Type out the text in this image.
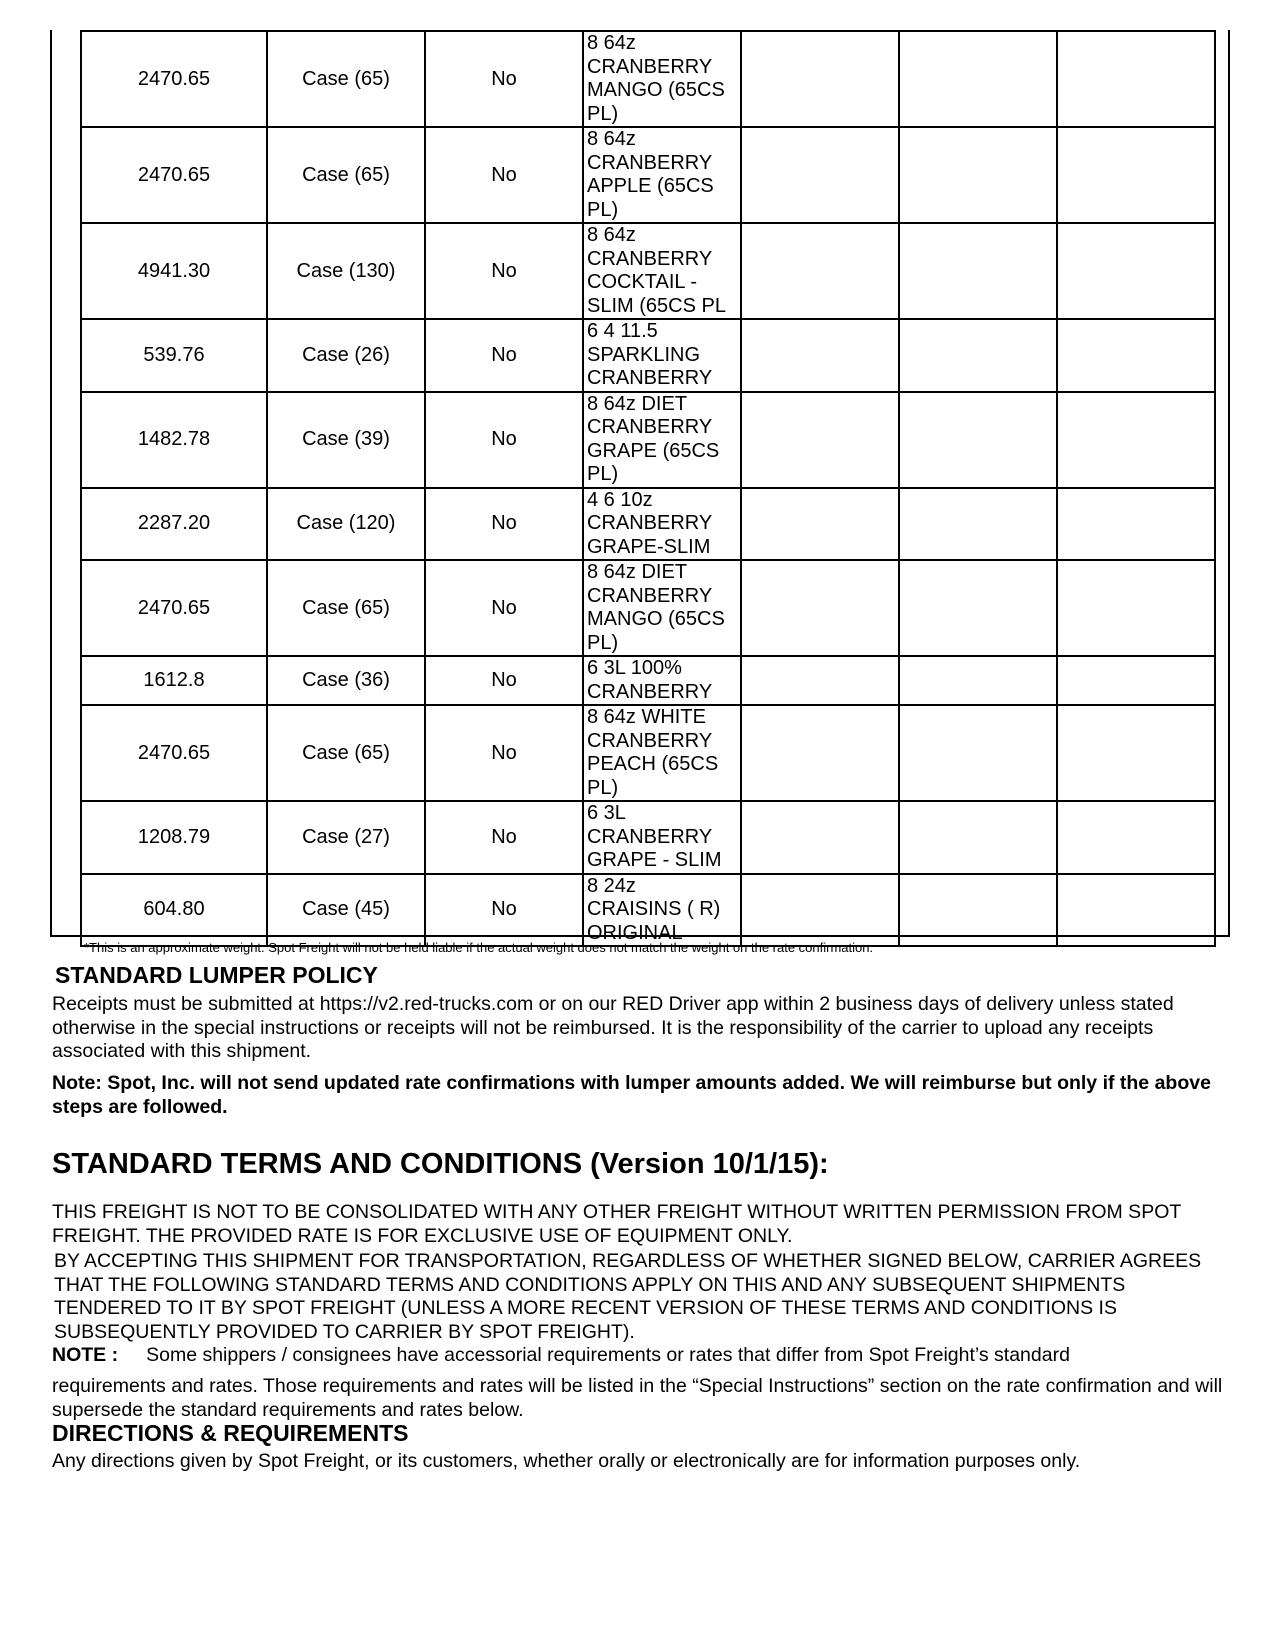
2470.65	Case (65)	No	8 64z
CRANBERRY
MANGO (65CS
PL)			
2470.65	Case (65)	No	8 64z
CRANBERRY
APPLE (65CS
PL)			
4941.30	Case (130)	No	8 64z
CRANBERRY
COCKTAIL -
SLIM (65CS PL			
539.76	Case (26)	No	6 4 11.5
SPARKLING
CRANBERRY			
1482.78	Case (39)	No	8 64z DIET
CRANBERRY
GRAPE (65CS
PL)			
2287.20	Case (120)	No	4 6 10z
CRANBERRY
GRAPE-SLIM			
2470.65	Case (65)	No	8 64z DIET
CRANBERRY
MANGO (65CS
PL)			
1612.8	Case (36)	No	6 3L 100%
CRANBERRY			
2470.65	Case (65)	No	8 64z WHITE
CRANBERRY
PEACH (65CS
PL)			
1208.79	Case (27)	No	6 3L
CRANBERRY
GRAPE - SLIM			
604.80	Case (45)	No	8 24z
CRAISINS ( R)
ORIGINAL			
*This is an approximate weight. Spot Freight will not be held liable if the actual weight does not match the weight on the rate confirmation.
STANDARD LUMPER POLICY
Receipts must be submitted at https://v2.red-trucks.com or on our RED Driver app within 2 business days of delivery unless stated otherwise in the special instructions or receipts will not be reimbursed. It is the responsibility of the carrier to upload any receipts associated with this shipment.
Note: Spot, Inc. will not send updated rate confirmations with lumper amounts added. We will reimburse but only if the above steps are followed.
STANDARD TERMS AND CONDITIONS (Version 10/1/15):
THIS FREIGHT IS NOT TO BE CONSOLIDATED WITH ANY OTHER FREIGHT WITHOUT WRITTEN PERMISSION FROM SPOT FREIGHT. THE PROVIDED RATE IS FOR EXCLUSIVE USE OF EQUIPMENT ONLY.
BY ACCEPTING THIS SHIPMENT FOR TRANSPORTATION, REGARDLESS OF WHETHER SIGNED BELOW, CARRIER AGREES THAT THE FOLLOWING STANDARD TERMS AND CONDITIONS APPLY ON THIS AND ANY SUBSEQUENT SHIPMENTS TENDERED TO IT BY SPOT FREIGHT (UNLESS A MORE RECENT VERSION OF THESE TERMS AND CONDITIONS IS SUBSEQUENTLY PROVIDED TO CARRIER BY SPOT FREIGHT).
NOTE : Some shippers / consignees have accessorial requirements or rates that differ from Spot Freight’s standard
requirements and rates. Those requirements and rates will be listed in the “Special Instructions” section on the rate confirmation and will supersede the standard requirements and rates below.
DIRECTIONS & REQUIREMENTS
Any directions given by Spot Freight, or its customers, whether orally or electronically are for information purposes only.
